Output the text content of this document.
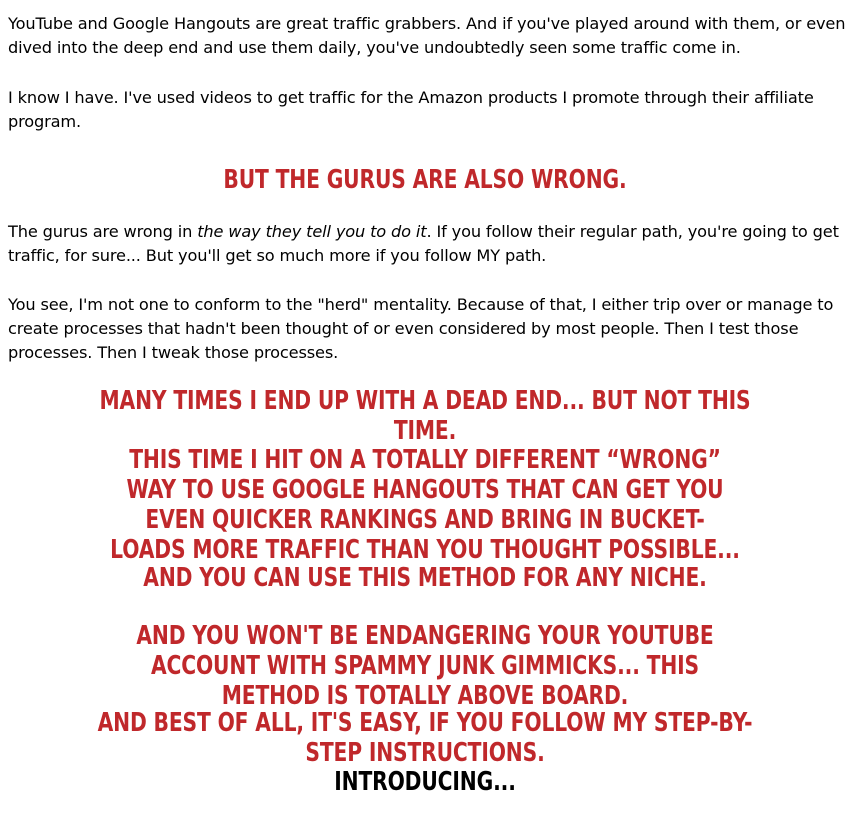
YouTube and Google Hangouts are great traffic grabbers. And if you've played around with them, or even dived into the deep end and use them daily, you've undoubtedly seen some traffic come in.

I know I have. I've used videos to get traffic for the Amazon products I promote through their affiliate program.

BUT THE GURUS ARE ALSO WRONG.

The gurus are wrong in the way they tell you to do it. If you follow their regular path, you're going to get traffic, for sure... But you'll get so much more if you follow MY path.

You see, I'm not one to conform to the "herd" mentality. Because of that, I either trip over or manage to create processes that hadn't been thought of or even considered by most people. Then I test those processes. Then I tweak those processes.

MANY TIMES I END UP WITH A DEAD END... BUT NOT THIS TIME.

THIS TIME I HIT ON A TOTALLY DIFFERENT “WRONG” WAY TO USE GOOGLE HANGOUTS THAT CAN GET YOU EVEN QUICKER RANKINGS AND BRING IN BUCKET-LOADS MORE TRAFFIC THAN YOU THOUGHT POSSIBLE...

AND YOU CAN USE THIS METHOD FOR ANY NICHE.

AND YOU WON'T BE ENDANGERING YOUR YOUTUBE ACCOUNT WITH SPAMMY JUNK GIMMICKS... THIS METHOD IS TOTALLY ABOVE BOARD.

AND BEST OF ALL, IT'S EASY, IF YOU FOLLOW MY STEP-BY-STEP INSTRUCTIONS.

INTRODUCING...
